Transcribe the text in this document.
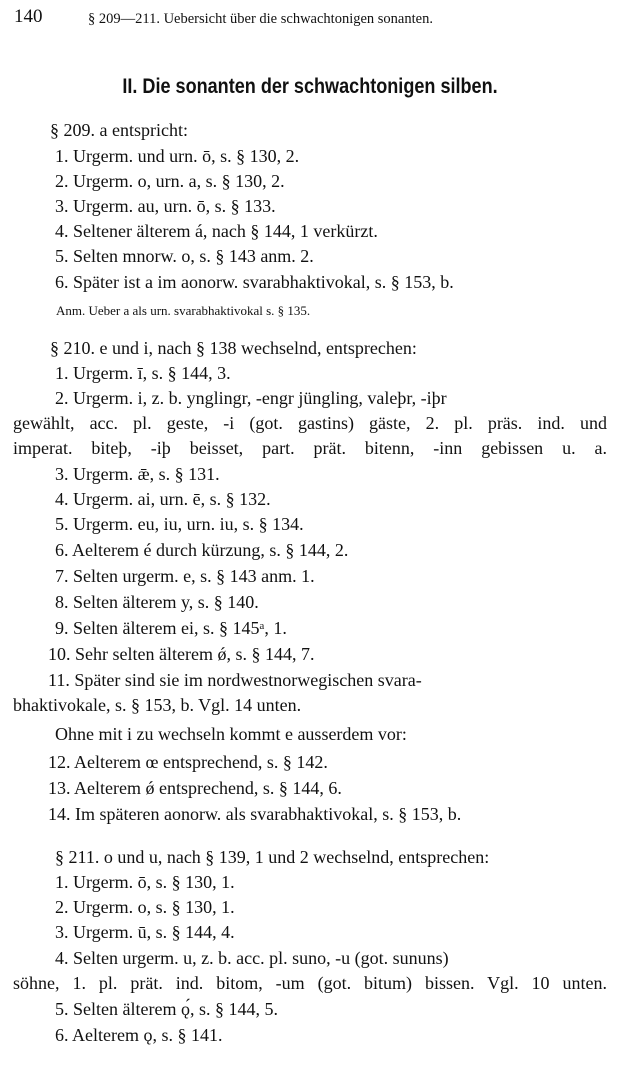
140	§ 209—211. Uebersicht über die schwachtonigen sonanten.
II. Die sonanten der schwachtonigen silben.
§ 209. a entspricht:
1. Urgerm. und urn. ō, s. § 130, 2.
2. Urgerm. o, urn. a, s. § 130, 2.
3. Urgerm. au, urn. ō, s. § 133.
4. Seltener älterem á, nach § 144, 1 verkürzt.
5. Selten mnorw. o, s. § 143 anm. 2.
6. Später ist a im aonorw. svarabhaktivokal, s. § 153, b.
Anm. Ueber a als urn. svarabhaktivokal s. § 135.
§ 210. e und i, nach § 138 wechselnd, entsprechen:
1. Urgerm. ī, s. § 144, 3.
2. Urgerm. i, z. b. ynglingr, -engr jüngling, valeþr, -iþr
gewählt, acc. pl. geste, -i (got. gastins) gäste, 2. pl. präs. ind. und
imperat. biteþ, -iþ beisset, part. prät. bitenn, -inn gebissen u. a.
3. Urgerm. ǣ, s. § 131.
4. Urgerm. ai, urn. ē, s. § 132.
5. Urgerm. eu, iu, urn. iu, s. § 134.
6. Aelterem é durch kürzung, s. § 144, 2.
7. Selten urgerm. e, s. § 143 anm. 1.
8. Selten älterem y, s. § 140.
9. Selten älterem ei, s. § 145ᵃ, 1.
10. Sehr selten älterem ǿ, s. § 144, 7.
11. Später sind sie im nordwestnorwegischen svara-
bhaktivokale, s. § 153, b. Vgl. 14 unten.
Ohne mit i zu wechseln kommt e ausserdem vor:
12. Aelterem œ entsprechend, s. § 142.
13. Aelterem ǿ entsprechend, s. § 144, 6.
14. Im späteren aonorw. als svarabhaktivokal, s. § 153, b.
§ 211. o und u, nach § 139, 1 und 2 wechselnd, entsprechen:
1. Urgerm. ō, s. § 130, 1.
2. Urgerm. o, s. § 130, 1.
3. Urgerm. ū, s. § 144, 4.
4. Selten urgerm. u, z. b. acc. pl. suno, -u (got. sununs)
söhne, 1. pl. prät. ind. bitom, -um (got. bitum) bissen. Vgl. 10 unten.
5. Selten älterem ǫ́, s. § 144, 5.
6. Aelterem ǫ, s. § 141.
